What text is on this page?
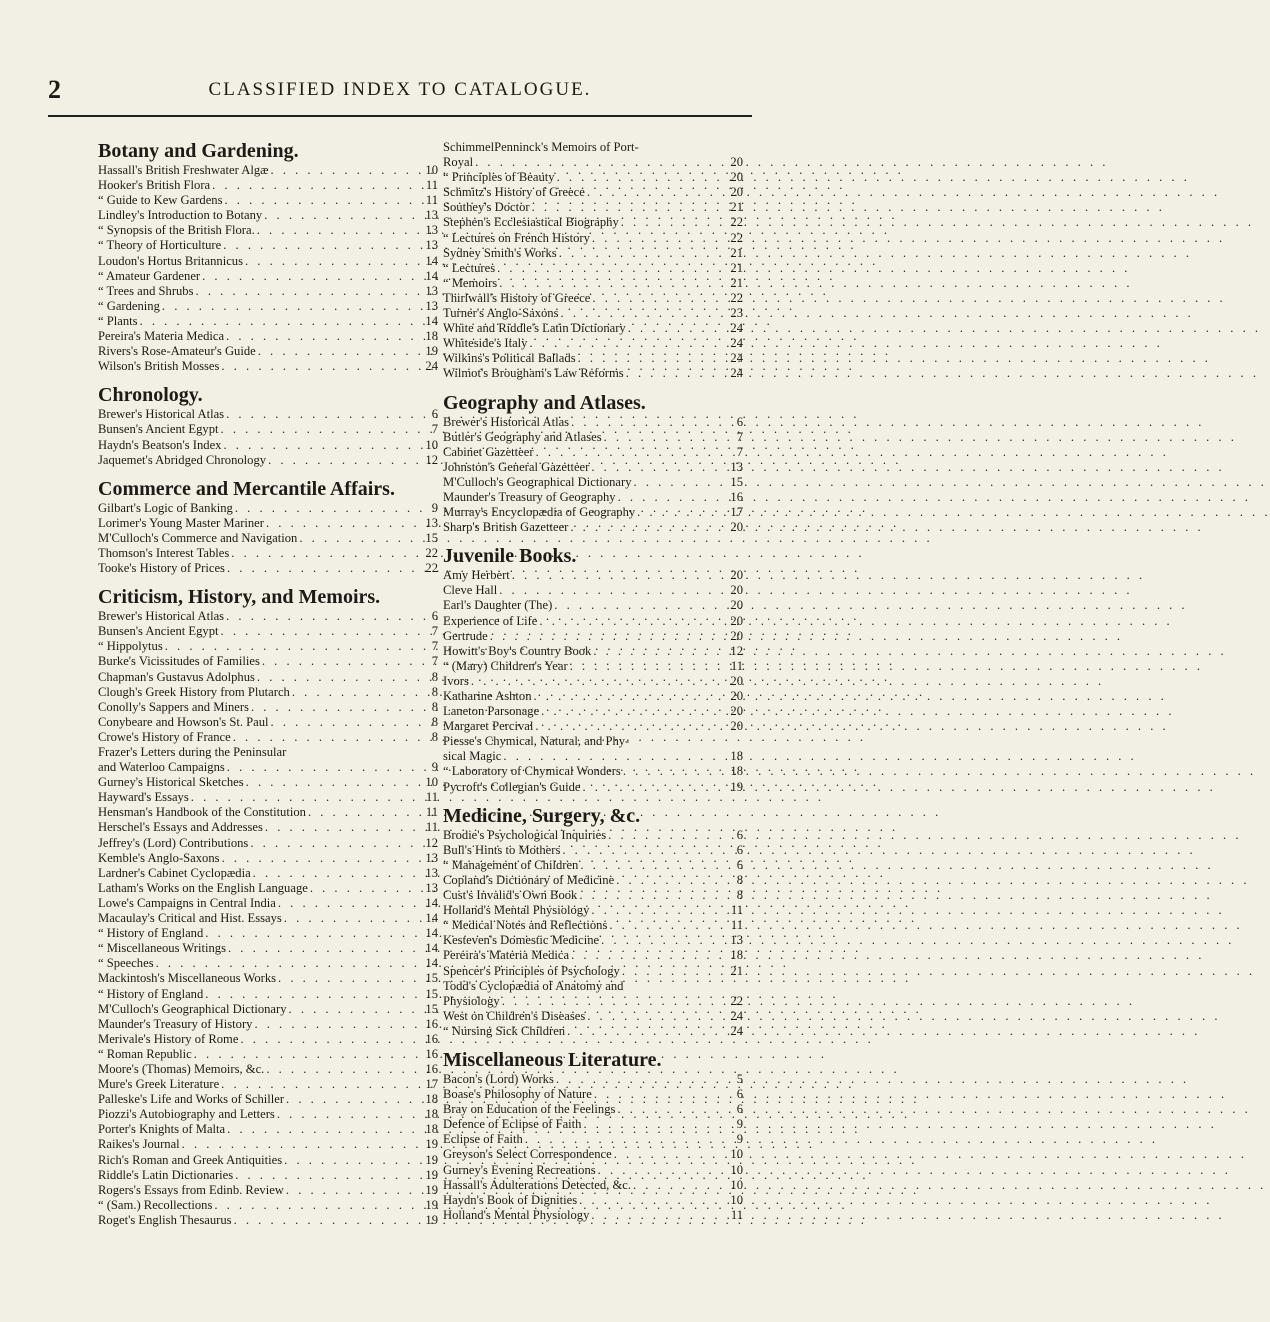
2	CLASSIFIED INDEX TO CATALOGUE.
Botany and Gardening.
Hassall's British Freshwater Algæ . . .	10
Hooker's British Flora . . .	11
“ Guide to Kew Gardens . . .	11
Lindley's Introduction to Botany . . .	13
“ Synopsis of the British Flora. . . .	13
“ Theory of Horticulture . . .	13
Loudon's Hortus Britannicus . . .	14
“ Amateur Gardener . . .	14
“ Trees and Shrubs . . .	13
“ Gardening . . .	13
“ Plants . . .	14
Pereira's Materia Medica . . .	18
Rivers's Rose-Amateur's Guide . . .	19
Wilson's British Mosses . . .	24
Chronology.
Brewer's Historical Atlas . . .	6
Bunsen's Ancient Egypt . . .	7
Haydn's Beatson's Index . . .	10
Jaquemet's Abridged Chronology . . .	12
Commerce and Mercantile Affairs.
Gilbart's Logic of Banking . . .	9
Lorimer's Young Master Mariner . . .	13
M'Culloch's Commerce and Navigation . . .	15
Thomson's Interest Tables . . .	22
Tooke's History of Prices . . .	22
Criticism, History, and Memoirs.
Brewer's Historical Atlas . . .	6
Bunsen's Ancient Egypt . . .	7
“ Hippolytus . . .	7
Burke's Vicissitudes of Families . . .	7
Chapman's Gustavus Adolphus . . .	8
Clough's Greek History from Plutarch . . .	8
Conolly's Sappers and Miners . . .	8
Conybeare and Howson's St. Paul . . .	8
Crowe's History of France . . .	8
Frazer's Letters during the Peninsular
and Waterloo Campaigns . . .	9
Gurney's Historical Sketches . . .	10
Hayward's Essays . . .	11
Hensman's Handbook of the Constitution . . .	11
Herschel's Essays and Addresses . . .	11
Jeffrey's (Lord) Contributions . . .	12
Kemble's Anglo-Saxons . . .	13
Lardner's Cabinet Cyclopædia . . .	13
Latham's Works on the English Language . . .	13
Lowe's Campaigns in Central India . . .	14
Macaulay's Critical and Hist. Essays . . .	14
“ History of England . . .	14
“ Miscellaneous Writings . . .	14
“ Speeches . . .	14
Mackintosh's Miscellaneous Works . . .	15
“ History of England . . .	15
M'Culloch's Geographical Dictionary . . .	15
Maunder's Treasury of History . . .	16
Merivale's History of Rome . . .	16
“ Roman Republic . . .	16
Moore's (Thomas) Memoirs, &c. . . .	16
Mure's Greek Literature . . .	17
Palleske's Life and Works of Schiller . . .	18
Piozzi's Autobiography and Letters . . .	18
Porter's Knights of Malta . . .	18
Raikes's Journal . . .	19
Rich's Roman and Greek Antiquities . . .	19
Riddle's Latin Dictionaries . . .	19
Rogers's Essays from Edinb. Review . . .	19
“ (Sam.) Recollections . . .	19
Roget's English Thesaurus . . .	19
SchimmelPenninck's Memoirs of Port-
Royal . . .	20
“ Principles of Beauty . . .	20
Schmitz's History of Greece . . .	20
Southey's Doctor . . .	21
Stephen's Ecclesiastical Biography . . .	22
“ Lectures on French History . . .	22
Sydney Smith's Works . . .	21
“ Lectures . . .	21
“ Memoirs . . .	21
Thirlwall's History of Greece . . .	22
Turner's Anglo-Saxons . . .	23
White and Riddle's Latin Dictionary . . .	24
Whiteside's Italy . . .	24
Wilkins's Political Ballads . . .	24
Wilmot's Brougham's Law Reforms . . .	24
Geography and Atlases.
Brewer's Historical Atlas . . .	6
Butler's Geography and Atlases . . .	7
Cabinet Gazetteer . . .	7
Johnston's General Gazetteer . . .	13
M'Culloch's Geographical Dictionary . . .	15
Maunder's Treasury of Geography . . .	16
Murray's Encyclopædia of Geography . . .	17
Sharp's British Gazetteer . . .	20
Juvenile Books.
Amy Herbert . . .	20
Cleve Hall . . .	20
Earl's Daughter (The) . . .	20
Experience of Life . . .	20
Gertrude . . .	20
Howitt's Boy's Country Book . . .	12
“ (Mary) Children's Year . . .	11
Ivors . . .	20
Katharine Ashton . . .	20
Laneton Parsonage . . .	20
Margaret Percival . . .	20
Piesse's Chymical, Natural, and Phy-
sical Magic . . .	18
“ Laboratory of Chymical Wonders . . .	18
Pycroft's Collegian's Guide . . .	19
Medicine, Surgery, &c.
Brodie's Psychological Inquiries . . .	6
Bull's Hints to Mothers . . .	6
“ Management of Children . . .	6
Copland's Dictionary of Medicine . . .	8
Cust's Invalid's Own Book . . .	8
Holland's Mental Physiology . . .	11
“ Medical Notes and Reflections . . .	11
Kesteven's Domestic Medicine . . .	13
Pereira's Materia Medica . . .	18
Spencer's Principles of Psychology . . .	21
Todd's Cyclopædia of Anatomy and
Physiology . . .	22
West on Children's Diseases . . .	24
“ Nursing Sick Children . . .	24
Miscellaneous Literature.
Bacon's (Lord) Works . . .	5
Boase's Philosophy of Nature . . .	6
Bray on Education of the Feelings . . .	6
Defence of Eclipse of Faith . . .	9
Eclipse of Faith . . .	9
Greyson's Select Correspondence . . .	10
Gurney's Evening Recreations . . .	10
Hassall's Adulterations Detected, &c. . . .	10
Haydn's Book of Dignities . . .	10
Holland's Mental Physiology . . .	11
